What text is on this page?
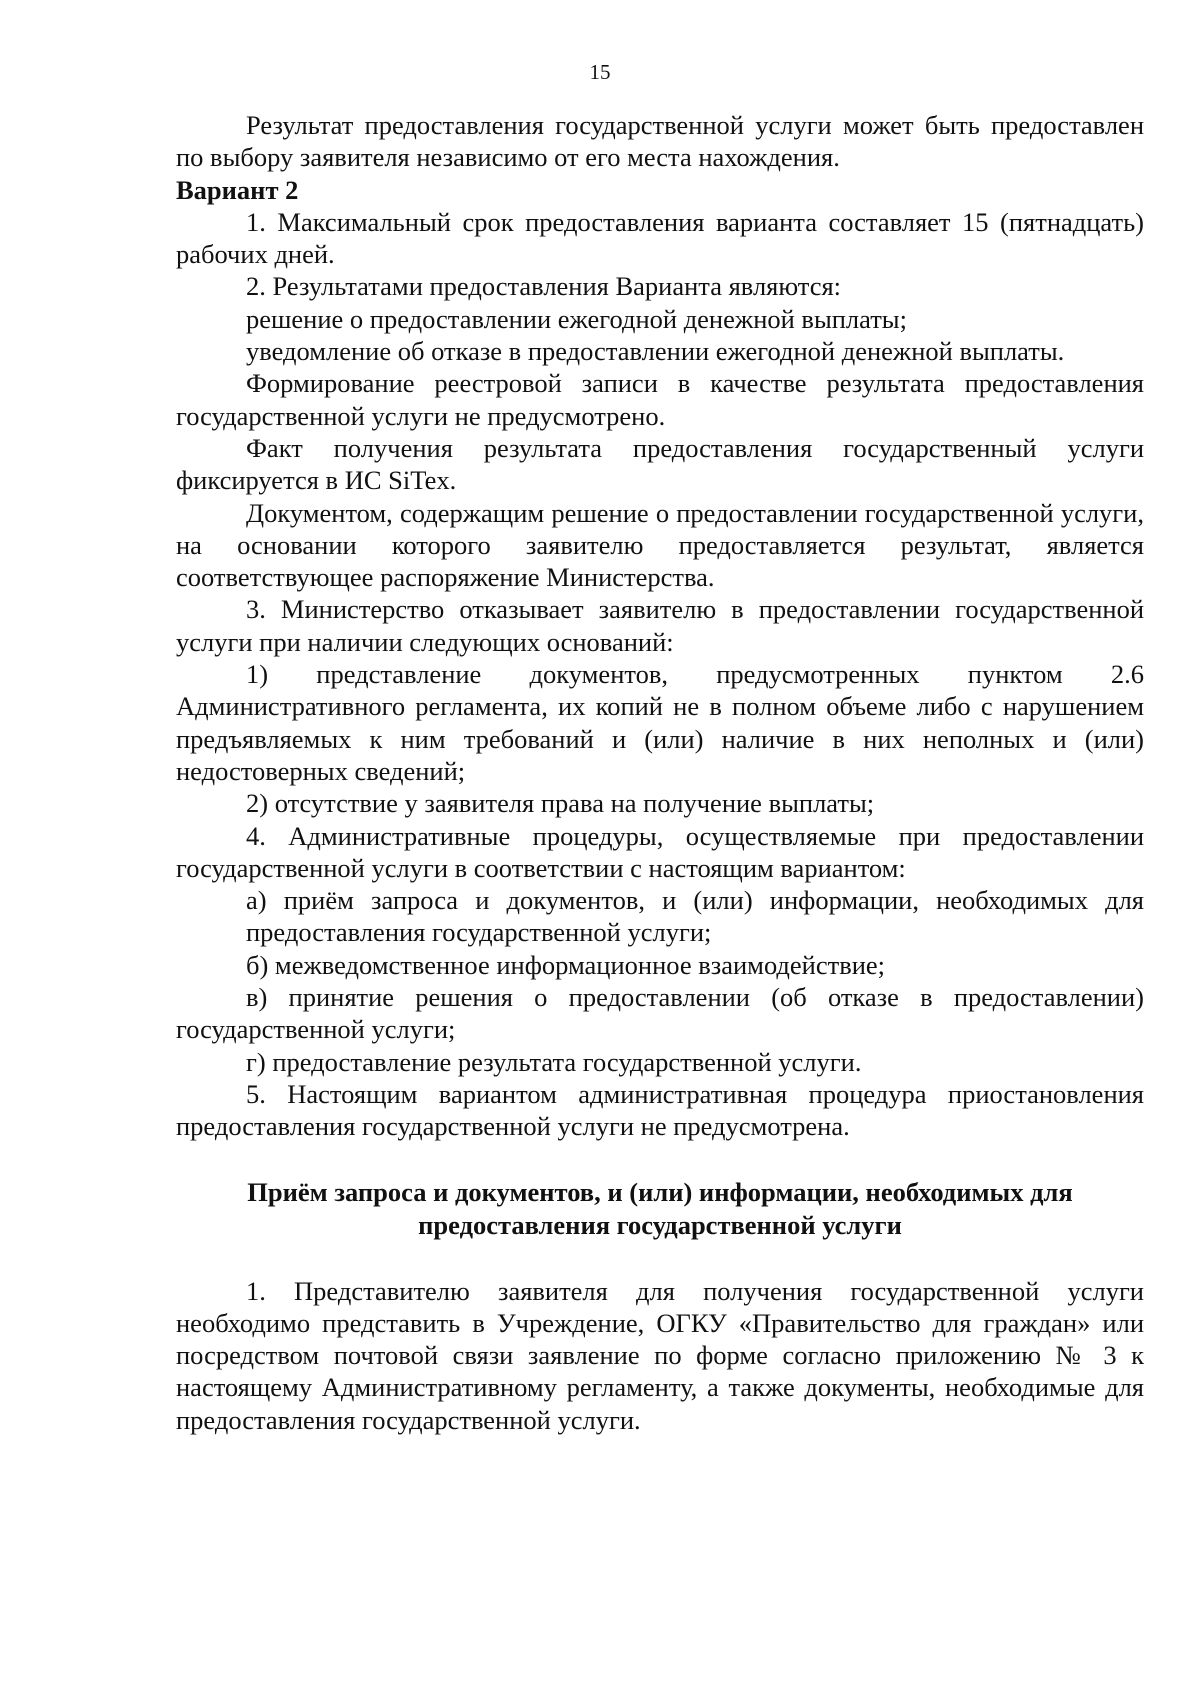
15

Результат предоставления государственной услуги может быть предоставлен по выбору заявителя независимо от его места нахождения.

Вариант 2

1. Максимальный срок предоставления варианта составляет 15 (пятнадцать) рабочих дней.

2. Результатами предоставления Варианта являются:

решение о предоставлении ежегодной денежной выплаты;

уведомление об отказе в предоставлении ежегодной денежной выплаты.

Формирование реестровой записи в качестве результата предоставления государственной услуги не предусмотрено.

Факт получения результата предоставления государственный услуги фиксируется в ИС SiTex.

Документом, содержащим решение о предоставлении государственной услуги, на основании которого заявителю предоставляется результат, является соответствующее распоряжение Министерства.

3. Министерство отказывает заявителю в предоставлении государственной услуги при наличии следующих оснований:

1) представление документов, предусмотренных пунктом 2.6 Административного регламента, их копий не в полном объеме либо с нарушением предъявляемых к ним требований и (или) наличие в них неполных и (или) недостоверных сведений;

2) отсутствие у заявителя права на получение выплаты;

4. Административные процедуры, осуществляемые при предоставлении государственной услуги в соответствии с настоящим вариантом:

а) приём запроса и документов, и (или) информации, необходимых для предоставления государственной услуги;

б) межведомственное информационное взаимодействие;

в) принятие решения о предоставлении (об отказе в предоставлении) государственной услуги;

г) предоставление результата государственной услуги.

5. Настоящим вариантом административная процедура приостановления предоставления государственной услуги не предусмотрена.

Приём запроса и документов, и (или) информации, необходимых для
предоставления государственной услуги

1. Представителю заявителя для получения государственной услуги необходимо представить в Учреждение, ОГКУ «Правительство для граждан» или посредством почтовой связи заявление по форме согласно приложению № 3 к настоящему Административному регламенту, а также документы, необходимые для предоставления государственной услуги.
